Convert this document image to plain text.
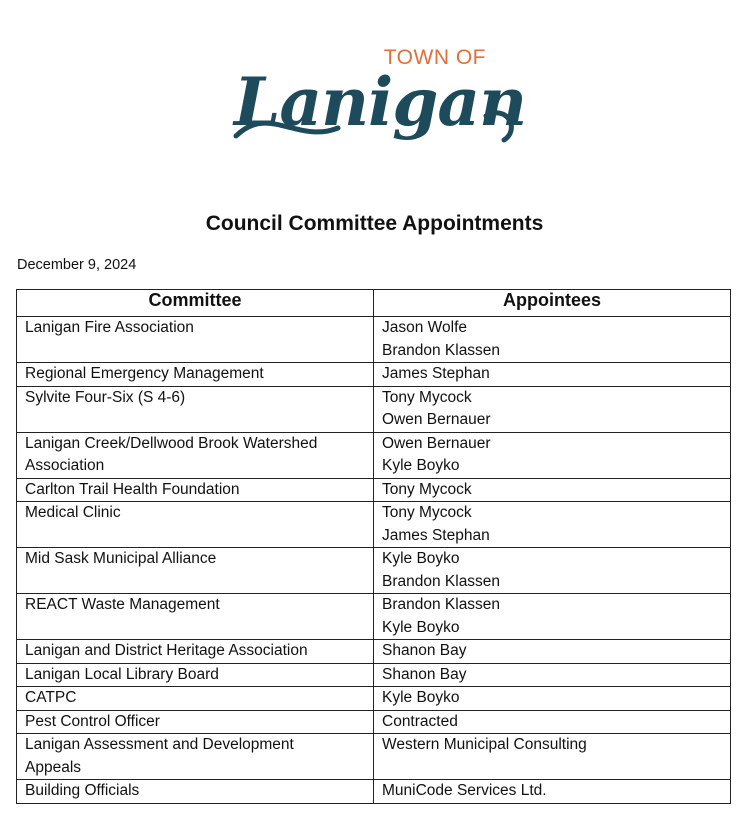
TOWN OF
Lanigan
Council Committee Appointments
December 9, 2024
Committee	Appointees

Lanigan Fire Association	Jason Wolfe
Brandon Klassen

Regional Emergency Management	James Stephan

Sylvite Four-Six (S 4-6)	Tony Mycock
Owen Bernauer

Lanigan Creek/Dellwood Brook Watershed
Association	Owen Bernauer
Kyle Boyko

Carlton Trail Health Foundation	Tony Mycock

Medical Clinic	Tony Mycock
James Stephan

Mid Sask Municipal Alliance	Kyle Boyko
Brandon Klassen

REACT Waste Management	Brandon Klassen
Kyle Boyko

Lanigan and District Heritage Association	Shanon Bay

Lanigan Local Library Board	Shanon Bay

CATPC	Kyle Boyko

Pest Control Officer	Contracted

Lanigan Assessment and Development
Appeals	Western Municipal Consulting

Building Officials	MuniCode Services Ltd.
